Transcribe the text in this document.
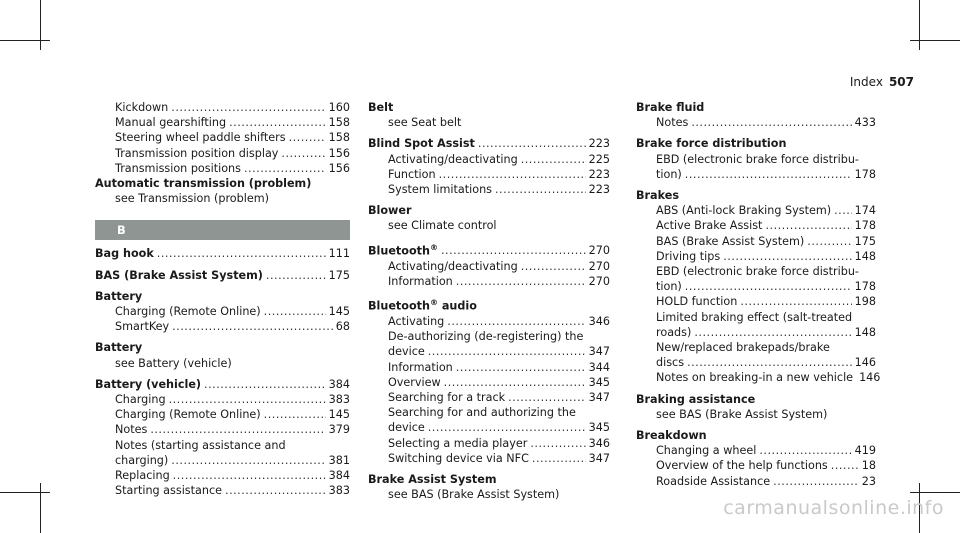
Index 507
Kickdown .....	160
Manual gearshifting .....	158
Steering wheel paddle shifters .....	158
Transmission position display .....	156
Transmission positions .....	156
Automatic transmission (problem)
see Transmission (problem)
B
Bag hook .....	111
BAS (Brake Assist System) .....	175
Battery
Charging (Remote Online) .....	145
SmartKey .....	68
Battery
see Battery (vehicle)
Battery (vehicle) .....	384
Charging .....	383
Charging (Remote Online) .....	145
Notes .....	379
Notes (starting assistance and
charging) .....	381
Replacing .....	384
Starting assistance .....	383
Belt
see Seat belt
Blind Spot Assist .....	223
Activating/deactivating .....	225
Function .....	223
System limitations .....	223
Blower
see Climate control
Bluetooth® .....	270
Activating/deactivating .....	270
Information .....	270
Bluetooth® audio
Activating .....	346
De-authorizing (de-registering) the
device .....	347
Information .....	344
Overview .....	345
Searching for a track .....	347
Searching for and authorizing the
device .....	345
Selecting a media player .....	346
Switching device via NFC .....	347
Brake Assist System
see BAS (Brake Assist System)
Brake fluid
Notes .....	433
Brake force distribution
EBD (electronic brake force distribu-
tion) .....	178
Brakes
ABS (Anti-lock Braking System) ..... 174
Active Brake Assist .....	178
BAS (Brake Assist System) .....	175
Driving tips .....	148
EBD (electronic brake force distribu-
tion) .....	178
HOLD function .....	198
Limited braking effect (salt-treated
roads) .....	148
New/replaced brakepads/brake
discs .....	146
Notes on breaking-in a new vehicle 146
Braking assistance
see BAS (Brake Assist System)
Breakdown
Changing a wheel .....	419
Overview of the help functions .....	18
Roadside Assistance .....	23
carmanualsonline.info
